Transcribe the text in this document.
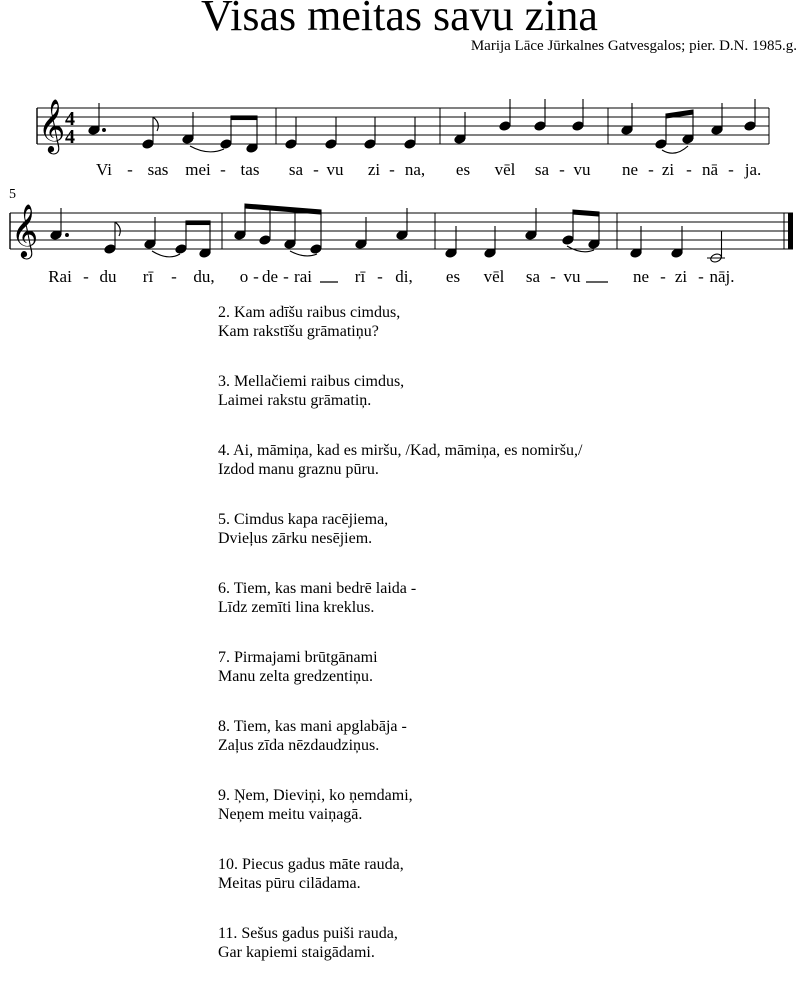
Visas meitas savu zina
Marija Lāce Jūrkalnes Gatvesgalos; pier. D.N. 1985.g.
𝄞 4
4
Vi - sas mei - tas sa - vu zi - na, es vēl sa - vu ne - zi - nā - ja.
5
𝄞
Rai - du rī - du, o - de - rai	rī - di, es vēl sa - vu	ne - zi - nāj.
2. Kam adīšu raibus cimdus,
Kam rakstīšu grāmatiņu?
3. Mellačiemi raibus cimdus,
Laimei rakstu grāmatiņ.
4. Ai, māmiņa, kad es miršu, /Kad, māmiņa, es nomiršu,/
Izdod manu graznu pūru.
5. Cimdus kapa racējiema,
Dvieļus zārku nesējiem.
6. Tiem, kas mani bedrē laida -
Līdz zemīti lina kreklus.
7. Pirmajami brūtgānami
Manu zelta gredzentiņu.
8. Tiem, kas mani apglabāja -
Zaļus zīda nēzdaudziņus.
9. Ņem, Dieviņi, ko ņemdami,
Neņem meitu vaiņagā.
10. Piecus gadus māte rauda,
Meitas pūru cilādama.
11. Sešus gadus puiši rauda,
Gar kapiemi staigādami.
